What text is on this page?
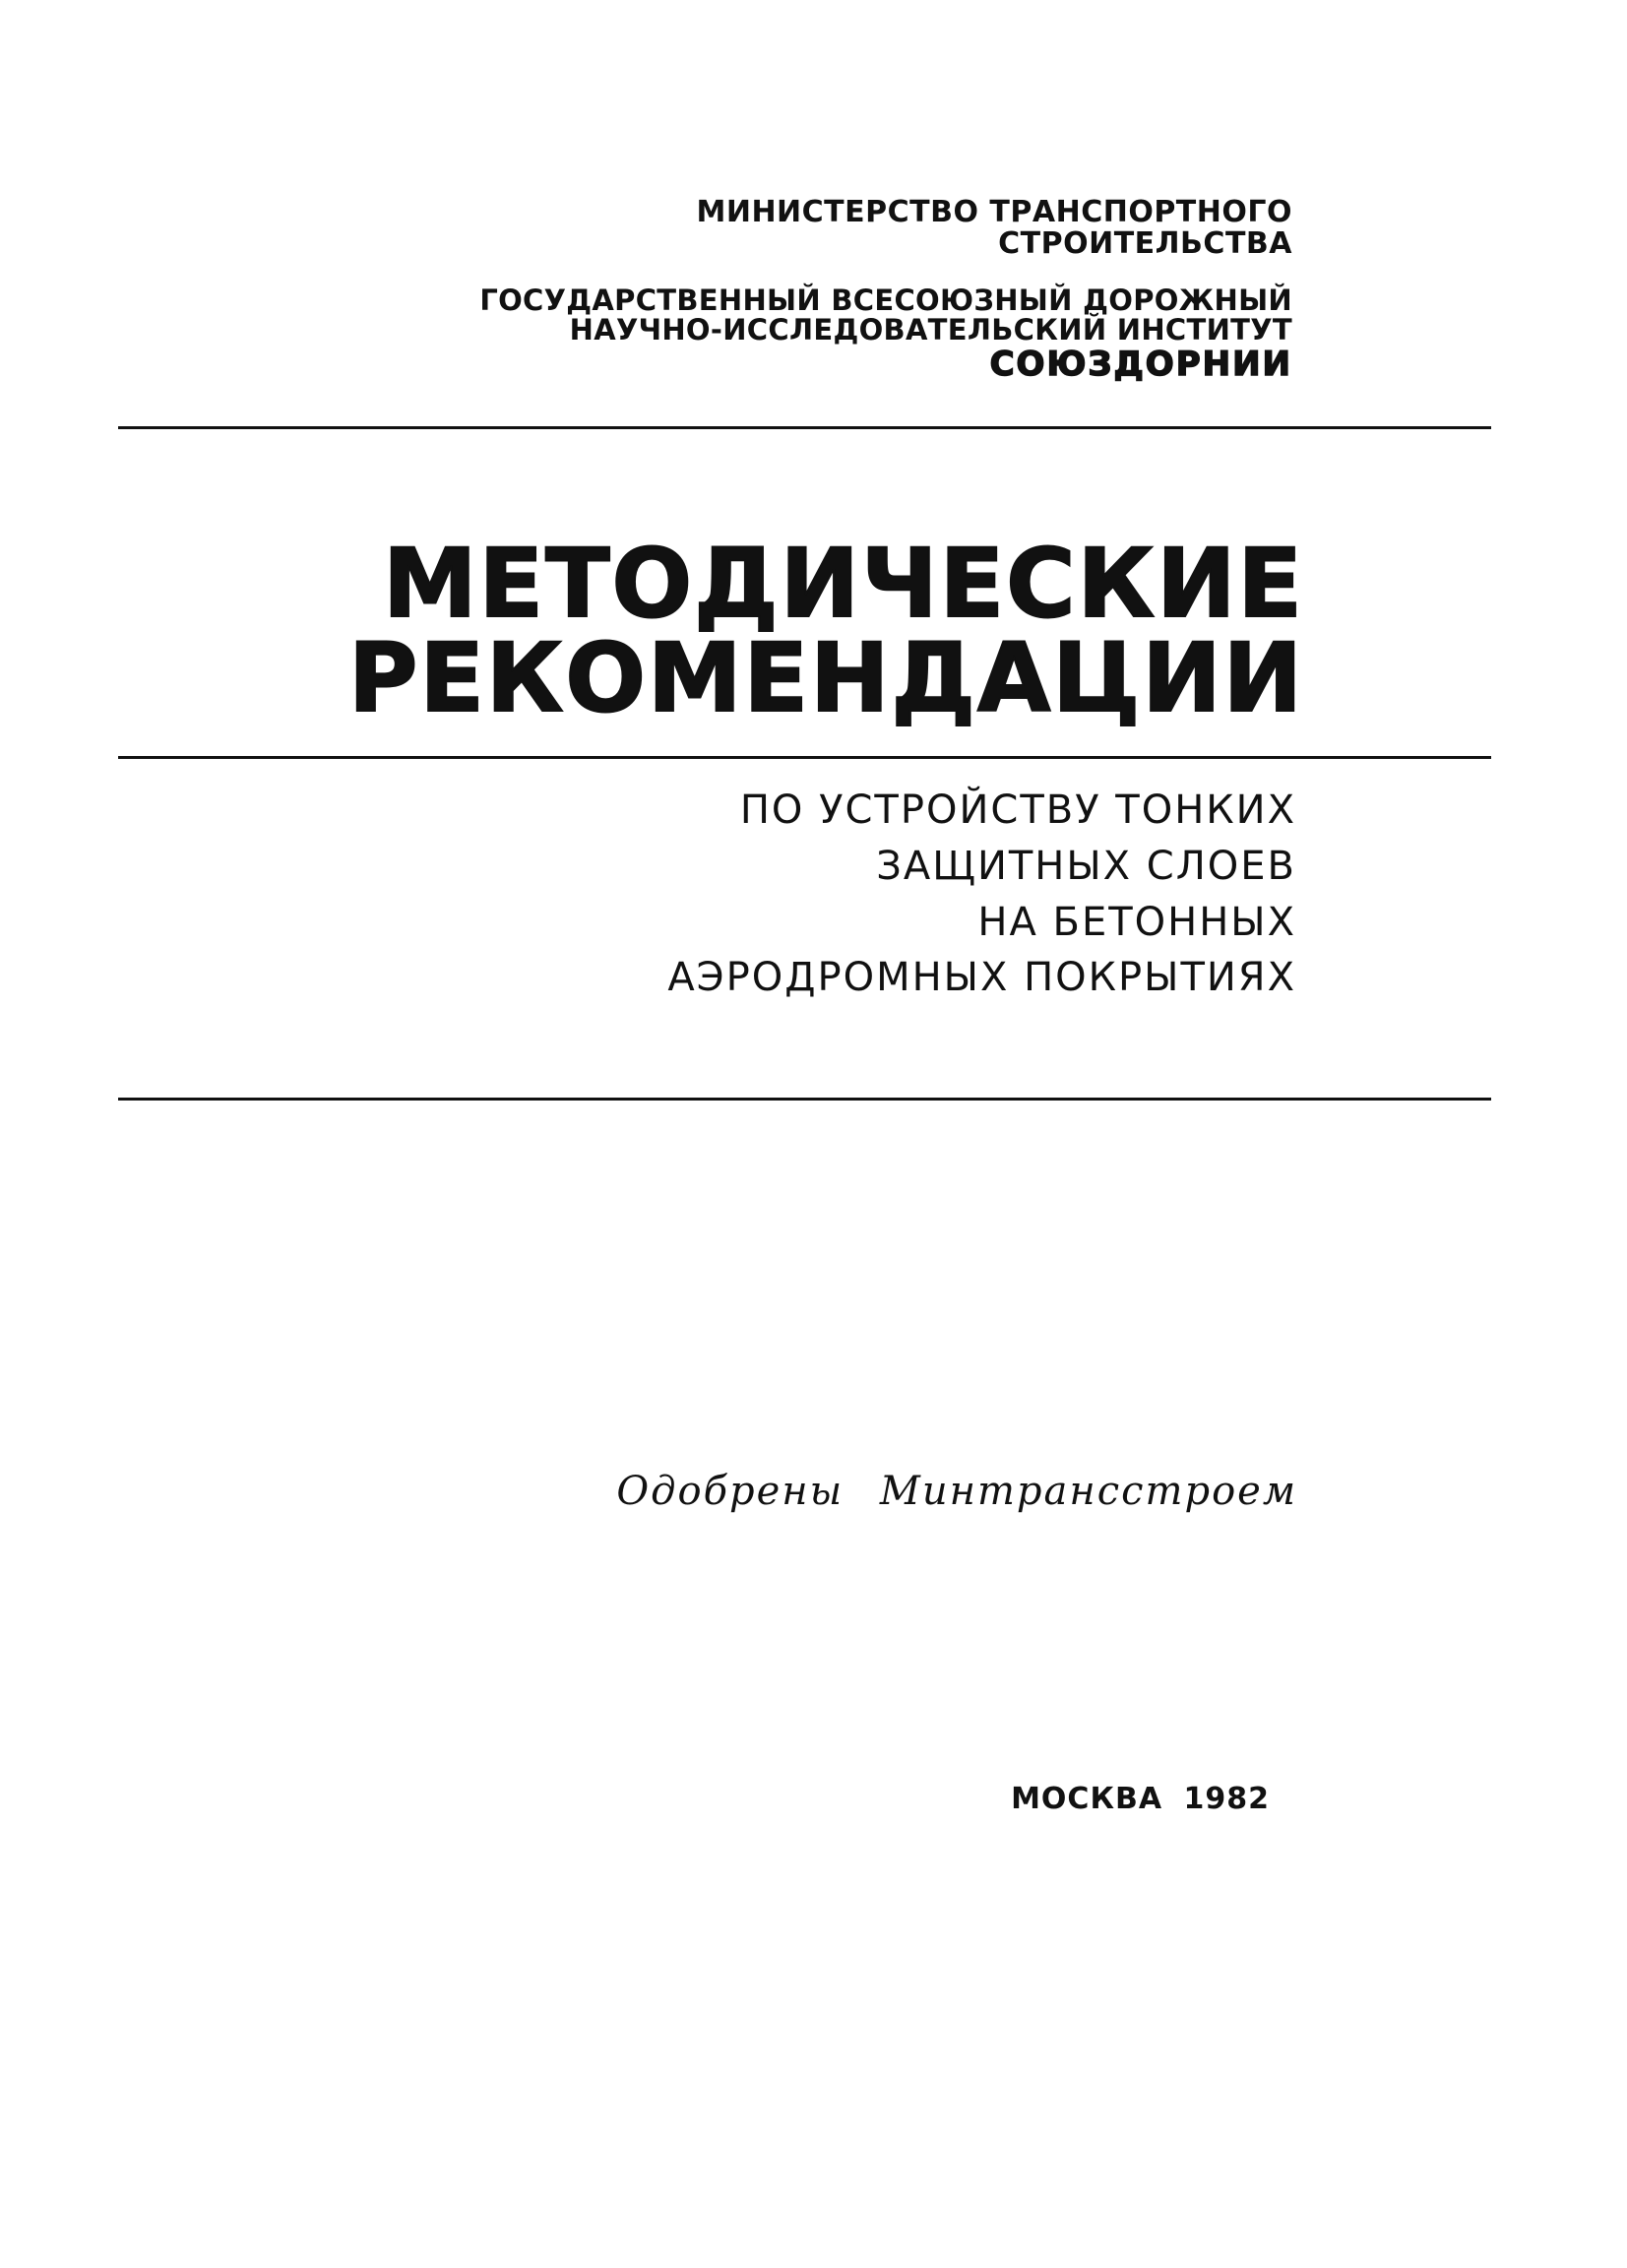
МИНИСТЕРСТВО ТРАНСПОРТНОГО
СТРОИТЕЛЬСТВА
ГОСУДАРСТВЕННЫЙ ВСЕСОЮЗНЫЙ ДОРОЖНЫЙ
НАУЧНО-ИССЛЕДОВАТЕЛЬСКИЙ ИНСТИТУТ
СОЮЗДОРНИИ
МЕТОДИЧЕСКИЕ
РЕКОМЕНДАЦИИ
ПО УСТРОЙСТВУ ТОНКИХ
ЗАЩИТНЫХ СЛОЕВ
НА БЕТОННЫХ
АЭРОДРОМНЫХ ПОКРЫТИЯХ
Одобрены Минтрансстроем
МОСКВА 1982
